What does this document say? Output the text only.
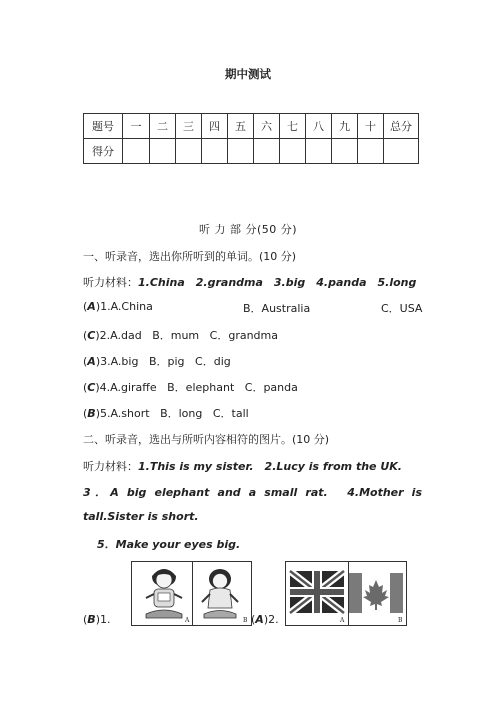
期中测试
题号	一	二	三	四	五	六	七	八	九	十	总分
得分											
听 力 部 分(50 分)
一、听录音，选出你所听到的单词。(10 分)
听力材料：1.China　2.grandma　3.big　4.panda　5.long
(A)1.A.China	B．Australia	C．USA
(C)2.A.dad B．mum C．grandma
(A)3.A.big B．pig C．dig
(C)4.A.giraffe B．elephant C．panda
(B)5.A.short B．long C．tall
二、听录音，选出与所听内容相符的图片。(10 分)
听力材料：1.This is my sister.　2.Lucy is from the UK.
3．A big elephant and a small rat.　4.Mother is
tall.Sister is short.
5．Make your eyes big.
(B)1.	A	B (A)2.	A	B
